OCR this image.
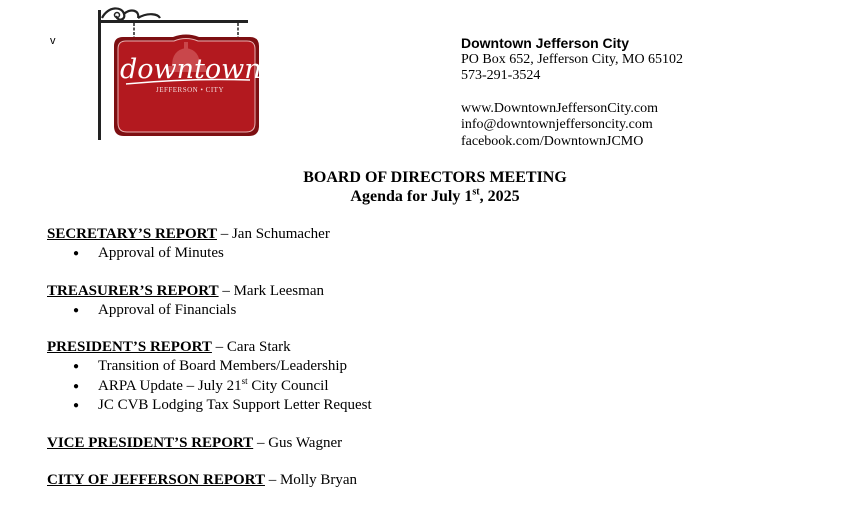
v
downtown
JEFFERSON • CITY
Downtown Jefferson City
PO Box 652, Jefferson City, MO 65102
573-291-3524
www.DowntownJeffersonCity.com
info@downtownjeffersoncity.com
facebook.com/DowntownJCMO
BOARD OF DIRECTORS MEETING
Agenda for July 1st, 2025
SECRETARY’S REPORT – Jan Schumacher
● Approval of Minutes
TREASURER’S REPORT – Mark Leesman
● Approval of Financials
PRESIDENT’S REPORT – Cara Stark
● Transition of Board Members/Leadership
● ARPA Update – July 21st City Council
● JC CVB Lodging Tax Support Letter Request
VICE PRESIDENT’S REPORT – Gus Wagner
CITY OF JEFFERSON REPORT – Molly Bryan
